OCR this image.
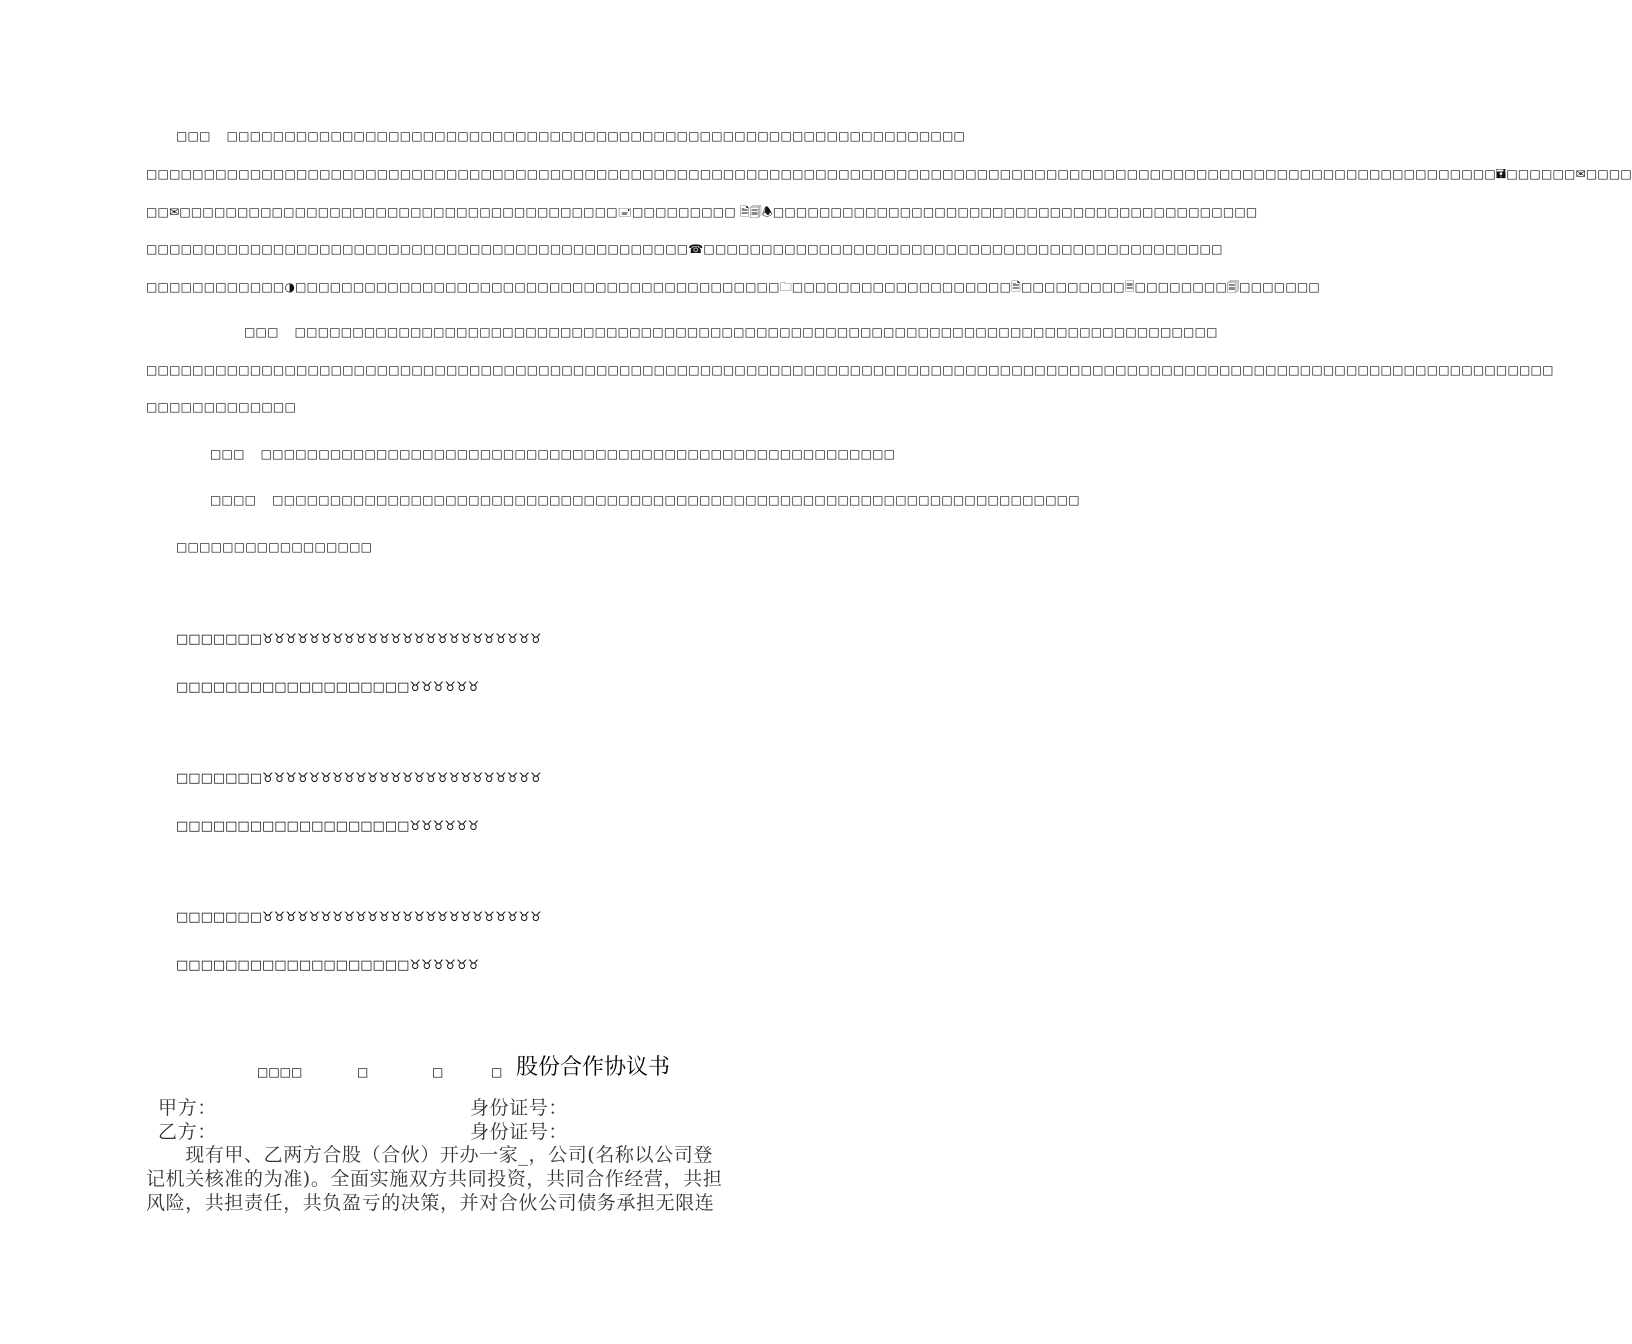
□□□ □□□□□□□□□□□□□□□□□□□□□□□□□□□□□□□□□□□□□□□□□□□□□□□□□□□□□□□□□□□□□□□□
□□□□□□□□□□□□□□□□□□□□□□□□□□□□□□□□□□□□□□□□□□□□□□□□□□□□□□□□□□□□□□□□□□□□□□□□□□□□□□□□□□□□□□□□□□□□□□□□□□□□□□□□□□□□□□□□□□□□□🖬□□□□□□✉□□□□
□□✉□□□□□□□□□□□□□□□□□□□□□□□□□□□□□□□□□□□□□□🖃□□□□□□□□□ 🗎🗐🕭□□□□□□□□□□□□□□□□□□□□□□□□□□□□□□□□□□□□□□□□□□
□□□□□□□□□□□□□□□□□□□□□□□□□□□□□□□□□□□□□□□□□□□□□□□☎□□□□□□□□□□□□□□□□□□□□□□□□□□□□□□□□□□□□□□□□□□□□□
□□□□□□□□□□□□◑□□□□□□□□□□□□□□□□□□□□□□□□□□□□□□□□□□□□□□□□□□🗀□□□□□□□□□□□□□□□□□□□🗎□□□□□□□□□🗏□□□□□□□□🗐□□□□□□□
□□□ □□□□□□□□□□□□□□□□□□□□□□□□□□□□□□□□□□□□□□□□□□□□□□□□□□□□□□□□□□□□□□□□□□□□□□□□□□□□□□□□
□□□□□□□□□□□□□□□□□□□□□□□□□□□□□□□□□□□□□□□□□□□□□□□□□□□□□□□□□□□□□□□□□□□□□□□□□□□□□□□□□□□□□□□□□□□□□□□□□□□□□□□□□□□□□□□□□□□□□□□□□□
□□□□□□□□□□□□□
□□□ □□□□□□□□□□□□□□□□□□□□□□□□□□□□□□□□□□□□□□□□□□□□□□□□□□□□□□□
□□□□ □□□□□□□□□□□□□□□□□□□□□□□□□□□□□□□□□□□□□□□□□□□□□□□□□□□□□□□□□□□□□□□□□□□□□□
□□□□□□□□□□□□□□□□□
□□□□□□□♉♉♉♉♉♉♉♉♉♉♉♉♉♉♉♉♉♉♉♉♉♉♉♉
□□□□□□□□□□□□□□□□□□□♉♉♉♉♉♉
□□□□□□□♉♉♉♉♉♉♉♉♉♉♉♉♉♉♉♉♉♉♉♉♉♉♉♉
□□□□□□□□□□□□□□□□□□□♉♉♉♉♉♉
□□□□□□□♉♉♉♉♉♉♉♉♉♉♉♉♉♉♉♉♉♉♉♉♉♉♉♉
□□□□□□□□□□□□□□□□□□□♉♉♉♉♉♉
□□□□	□	□	□ 股份合作协议书
甲方：	身份证号：
乙方：	身份证号：
　　现有甲、乙两方合股（合伙）开办一家_，公司(名称以公司登
记机关核准的为准)。全面实施双方共同投资，共同合作经营，共担
风险，共担责任，共负盈亏的决策，并对合伙公司债务承担无限连
